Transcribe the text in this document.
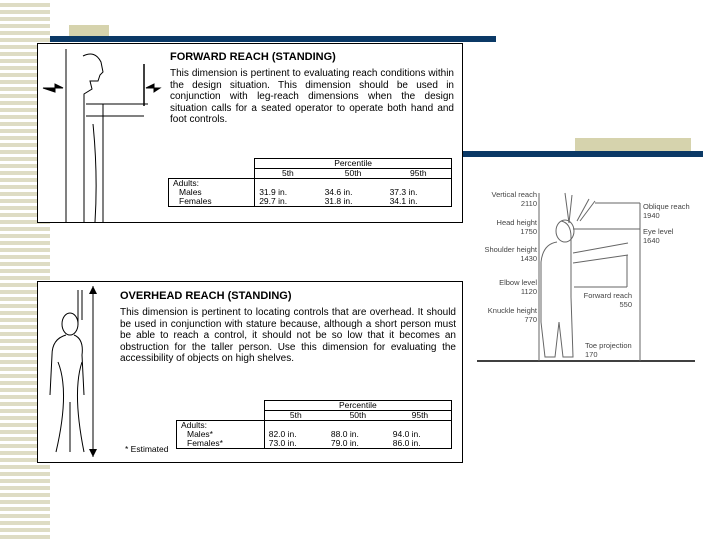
FORWARD REACH (STANDING)
This dimension is pertinent to evaluating reach conditions within the design situation. This dimension should be used in conjunction with leg-reach dimensions when the design situation calls for a seated operator to operate both hand and foot controls.
	Percentile		
	5th	50th	95th
Adults:			
Males	31.9 in.	34.6 in.	37.3 in.
Females	29.7 in.	31.8 in.	34.1 in.
OVERHEAD REACH (STANDING)
This dimension is pertinent to locating controls that are overhead. It should be used in conjunction with stature because, although a short person must be able to reach a control, it should not be so low that it becomes an obstruction for the taller person. Use this dimension for evaluating the accessibility of objects on high shelves.
* Estimated
	Percentile		
	5th	50th	95th
Adults:			
Males*	82.0 in.	88.0 in.	94.0 in.
Females*	73.0 in.	79.0 in.	86.0 in.
Vertical reach
2110
Head height
1750
Shoulder height
1430
Elbow level
1120
Knuckle height
770
Oblique reach
1940
Eye level
1640
Forward reach
550
Toe projection
170
